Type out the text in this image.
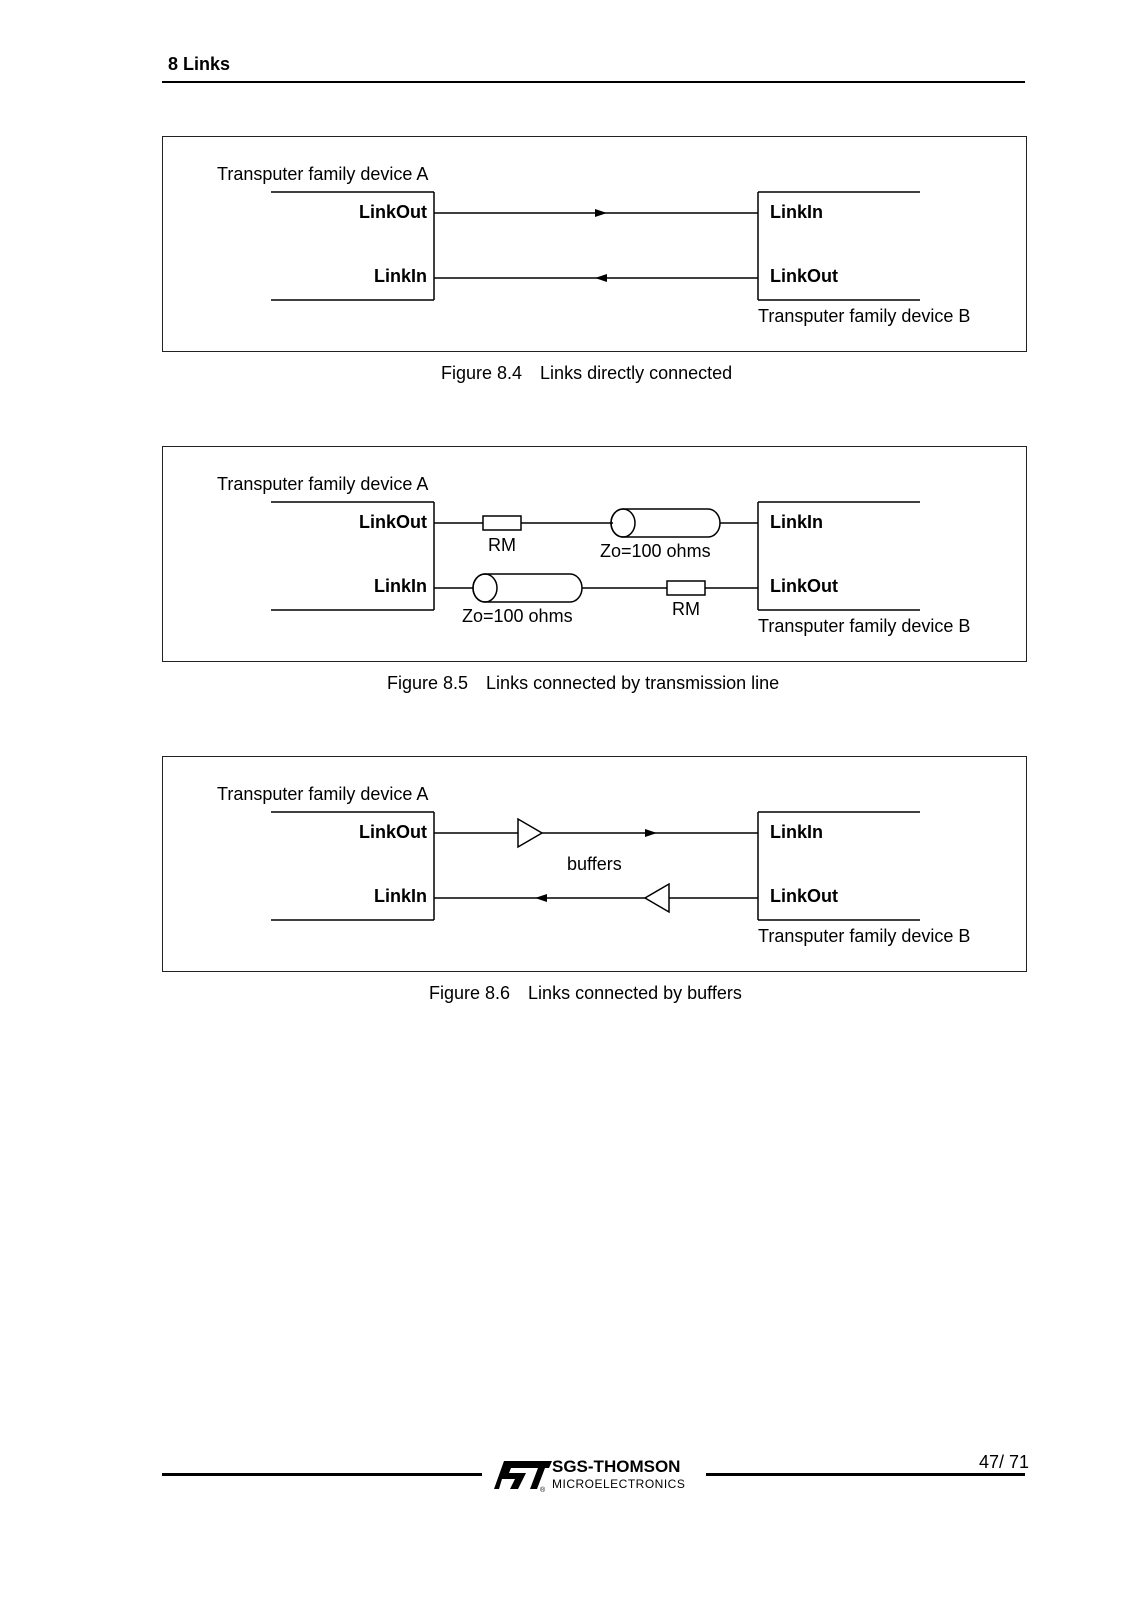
8 Links
Transputer family device A
LinkOut
LinkIn
LinkIn
LinkOut
Transputer family device B
Figure 8.4 Links directly connected
Transputer family device A
LinkOut
LinkIn
LinkIn
LinkOut
Transputer family device B
RM	Zo=100 ohms
Zo=100 ohms	RM
Figure 8.5 Links connected by transmission line
Transputer family device A
LinkOut
LinkIn
LinkIn
LinkOut
Transputer family device B
buffers
Figure 8.6 Links connected by buffers
47/ 71
SGS-THOMSON
MICROELECTRONICS
®
